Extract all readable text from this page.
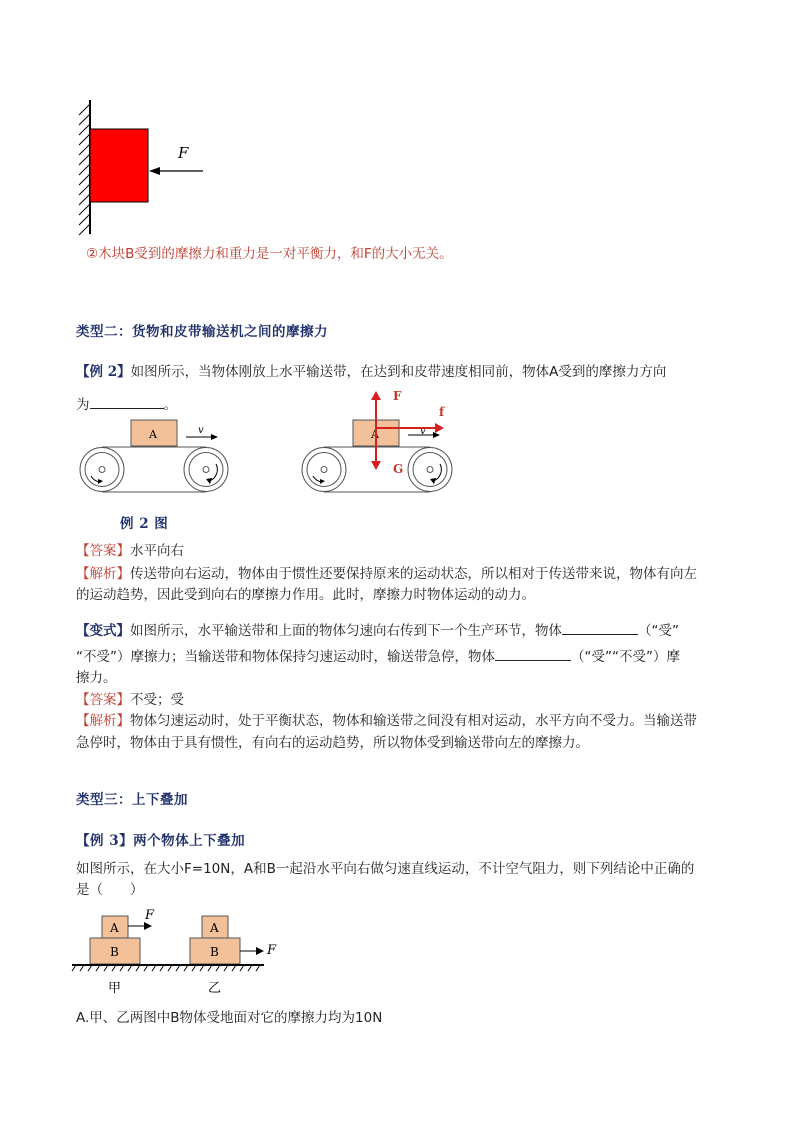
F
②木块B受到的摩擦力和重力是一对平衡力，和F的大小无关。
类型二：货物和皮带输送机之间的摩擦力
【例 2】如图所示，当物体刚放上水平输送带，在达到和皮带速度相同前，物体A受到的摩擦力方向
为	。
A	v	A	v
F
G
f
例 2 图
【答案】水平向右
【解析】传送带向右运动，物体由于惯性还要保持原来的运动状态，所以相对于传送带来说，物体有向左
的运动趋势，因此受到向右的摩擦力作用。此时，摩擦力时物体运动的动力。
【变式】如图所示，水平输送带和上面的物体匀速向右传到下一个生产环节，物体	（“受”
“不受”）摩擦力；当输送带和物体保持匀速运动时，输送带急停，物体	（“受”“不受”）摩
擦力。
【答案】不受；受
【解析】物体匀速运动时，处于平衡状态，物体和输送带之间没有相对运动，水平方向不受力。当输送带
急停时，物体由于具有惯性，有向右的运动趋势，所以物体受到输送带向左的摩擦力。
类型三：上下叠加
【例 3】两个物体上下叠加
如图所示，在大小F=10N，A和B一起沿水平向右做匀速直线运动，不计空气阻力，则下列结论中正确的
是（　　）
A
B
F
A
B	F
甲	乙
A.甲、乙两图中B物体受地面对它的摩擦力均为10N
